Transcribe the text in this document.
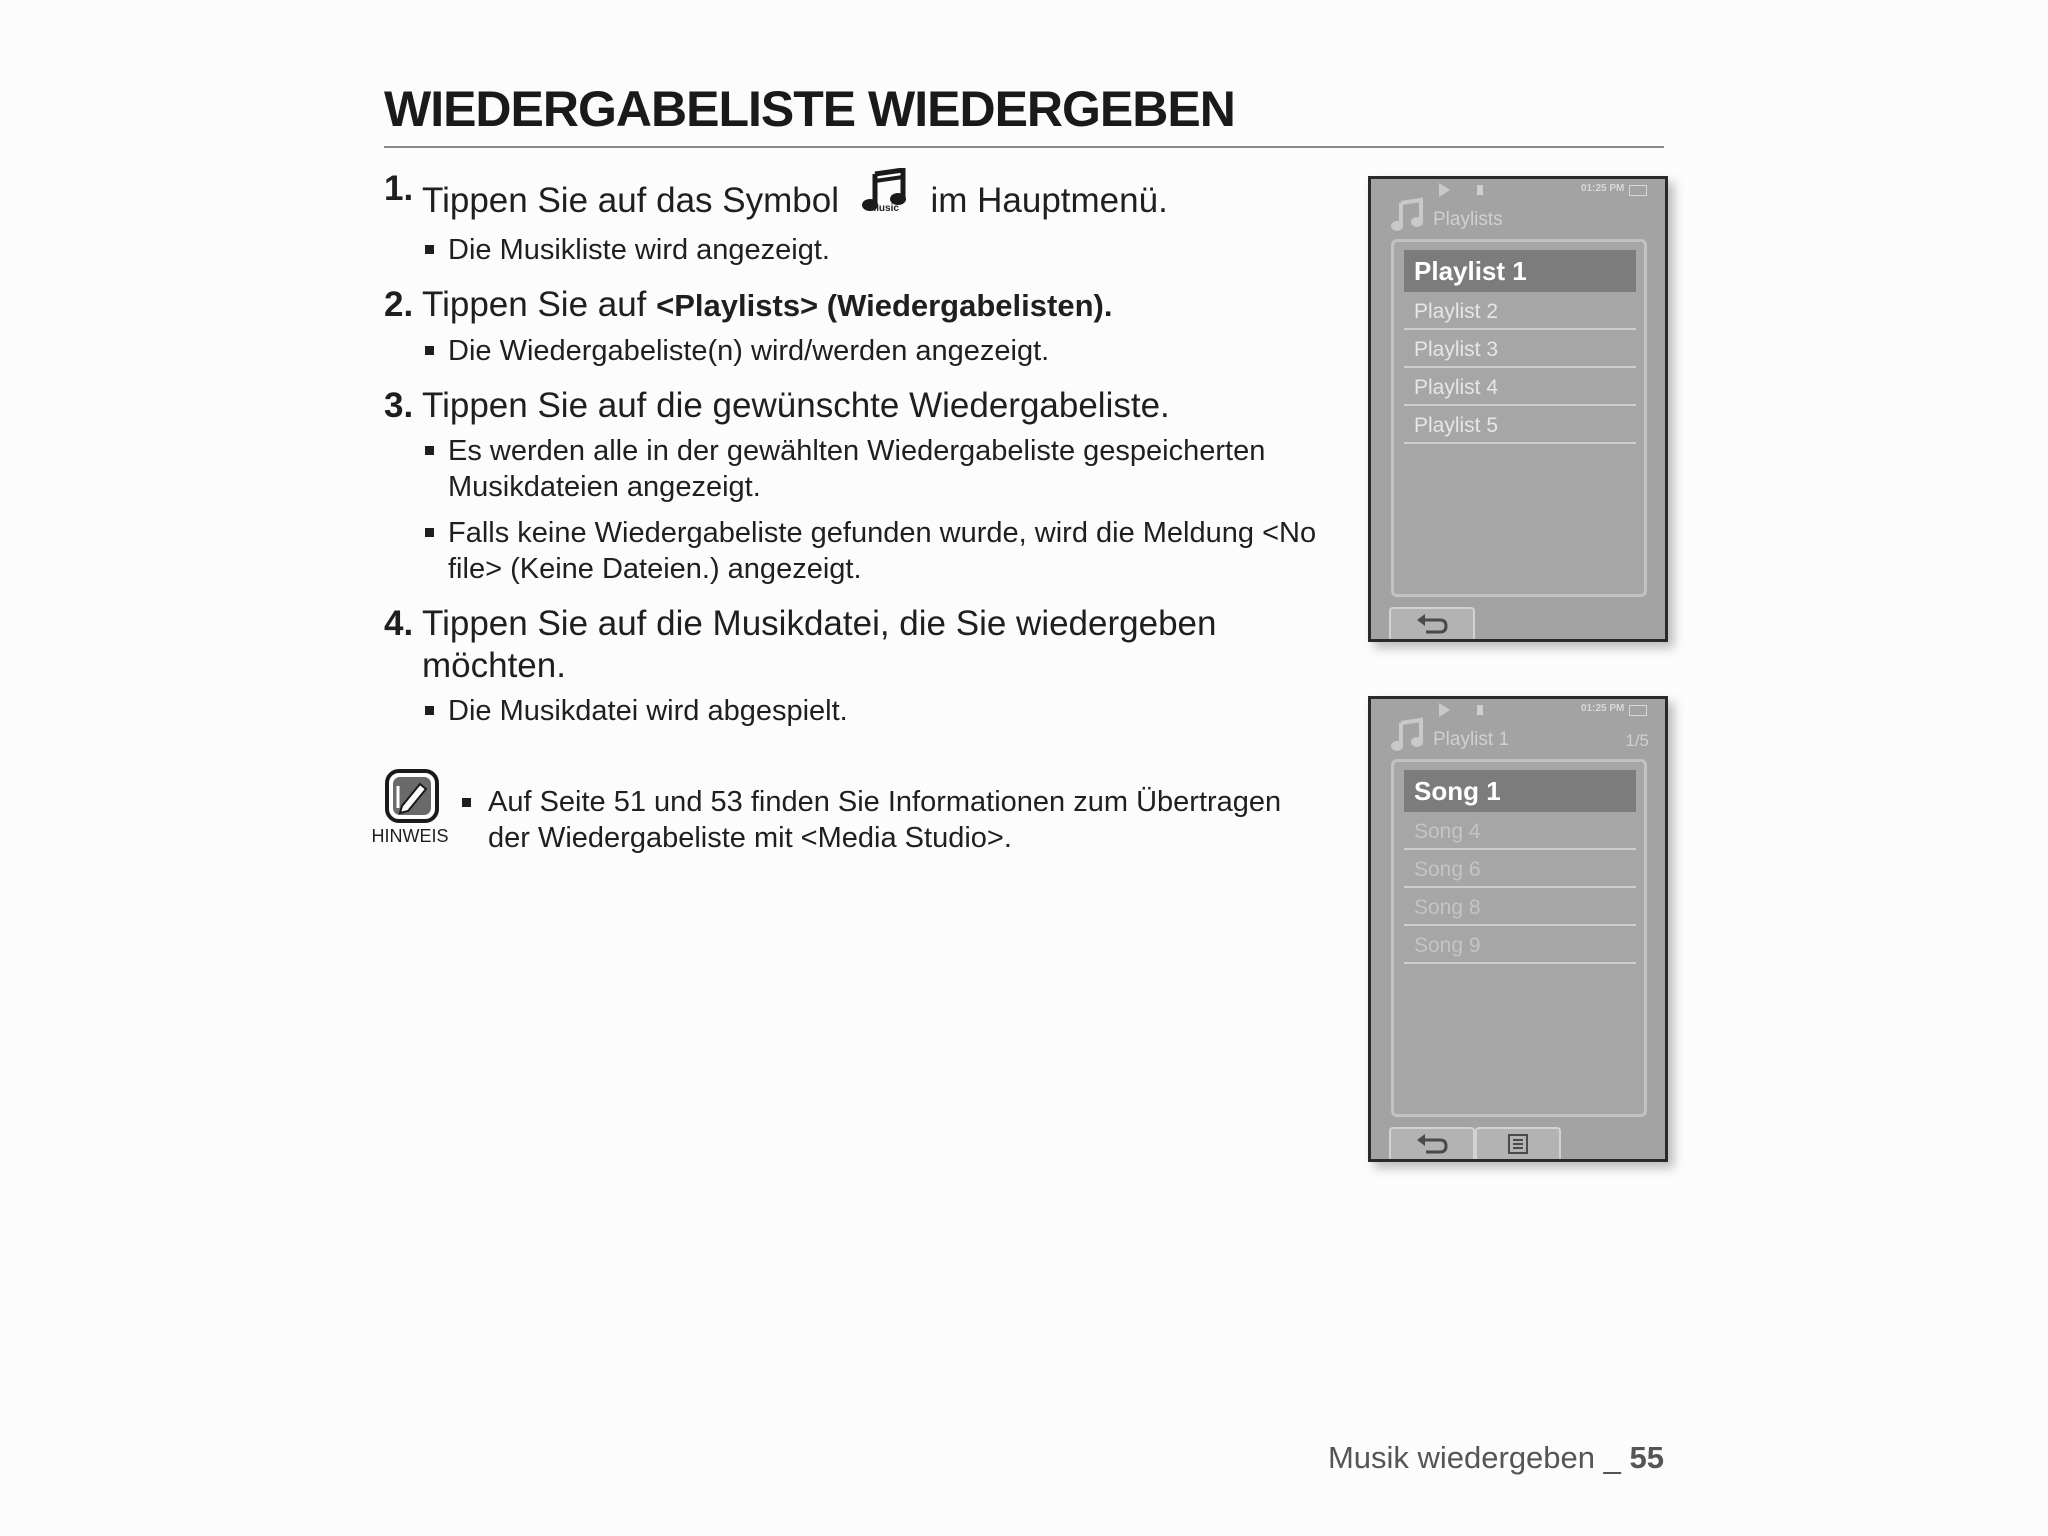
WIEDERGABELISTE WIEDERGEBEN
1. Tippen Sie auf das Symbol	Music im Hauptmenü.
Die Musikliste wird angezeigt.
2. Tippen Sie auf <Playlists> (Wiedergabelisten).
Die Wiedergabeliste(n) wird/werden angezeigt.
3. Tippen Sie auf die gewünschte Wiedergabeliste.
Es werden alle in der gewählten Wiedergabeliste gespeicherten Musikdateien angezeigt.
Falls keine Wiedergabeliste gefunden wurde, wird die Meldung <No file> (Keine Dateien.) angezeigt.
4. Tippen Sie auf die Musikdatei, die Sie wiedergeben möchten.
Die Musikdatei wird abgespielt.
HINWEIS
Auf Seite 51 und 53 finden Sie Informationen zum Übertragen der Wiedergabeliste mit <Media Studio>.
01:25 PM
Playlists
Playlist 1
Playlist 2
Playlist 3
Playlist 4
Playlist 5
01:25 PM
Playlist 1	1/5
Song 1
Song 4
Song 6
Song 8
Song 9
Musik wiedergeben _ 55
